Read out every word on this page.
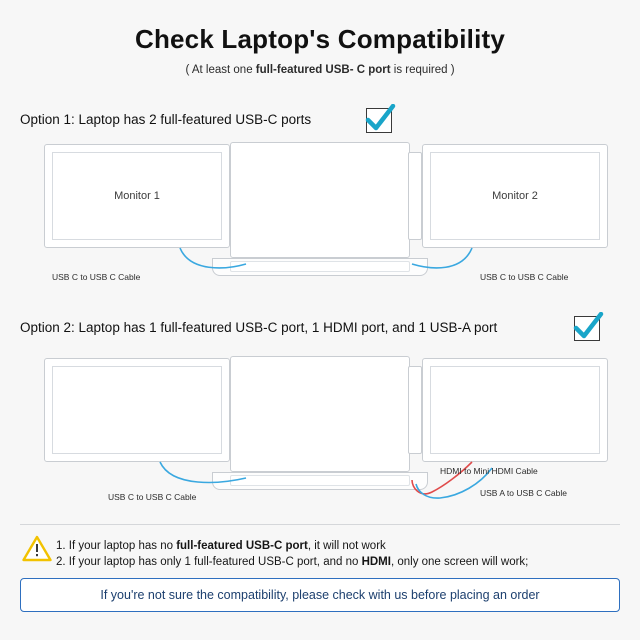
Check Laptop's Compatibility
( At least one full-featured USB- C port is required )
Option 1: Laptop has 2 full-featured USB-C ports
Monitor 1	Monitor 2
USB C to USB C Cable	USB C to USB C Cable
Option 2: Laptop has 1 full-featured USB-C port, 1 HDMI port, and 1 USB-A port
USB C to USB C Cable
HDMI to Mini HDMI Cable
USB A to USB C Cable
1. If your laptop has no full-featured USB-C port, it will not work
2. If your laptop has only 1 full-featured USB-C port, and no HDMI, only one screen will work;
If you're not sure the compatibility, please check with us before placing an order
